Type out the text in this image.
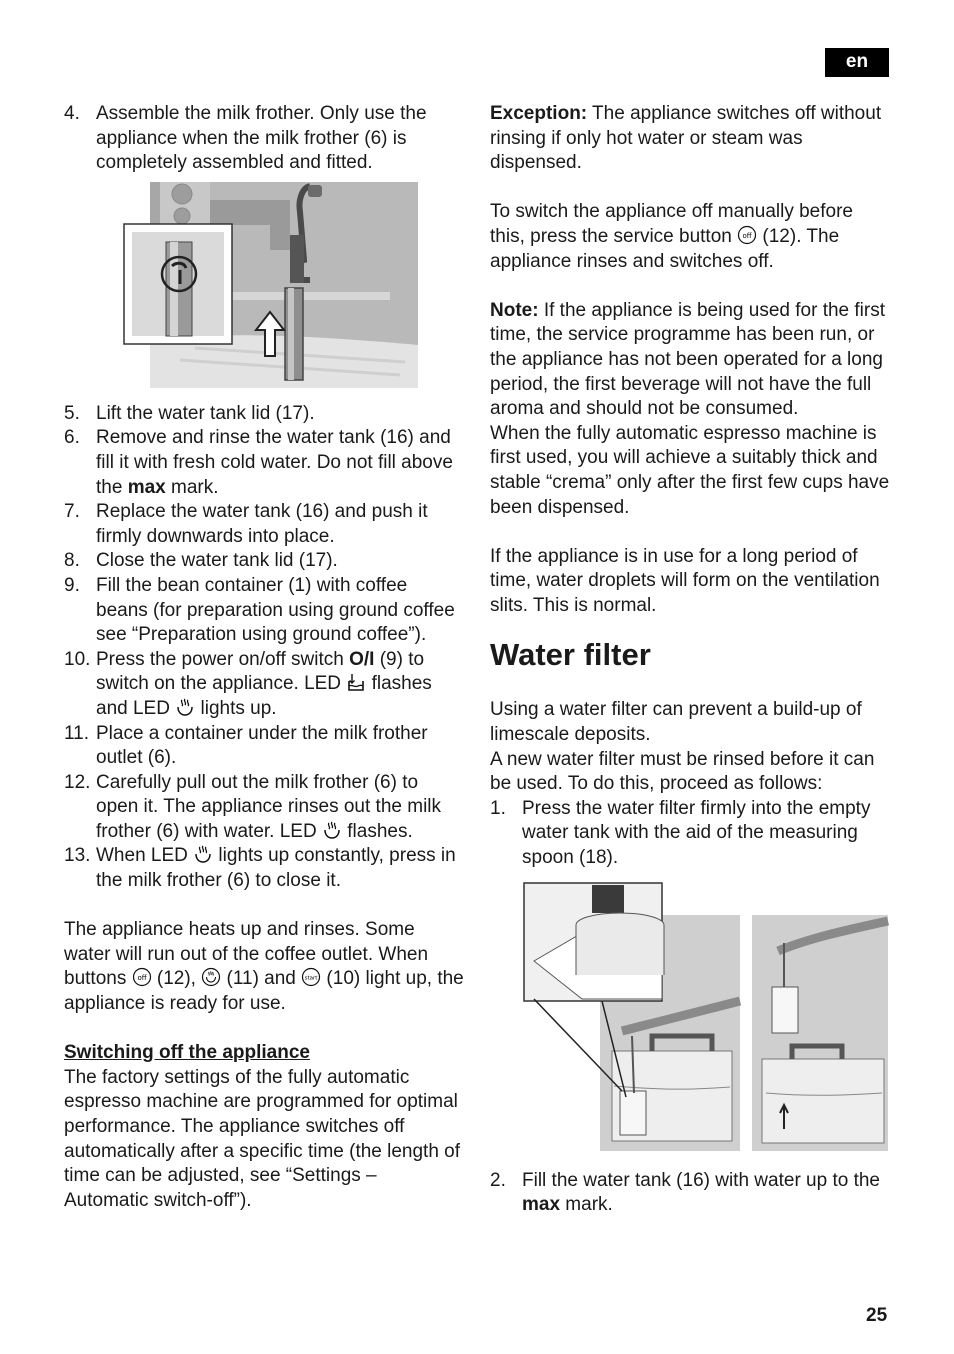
en
4. Assemble the milk frother. Only use the appliance when the milk frother (6) is completely assembled and fitted.
5. Lift the water tank lid (17).
6. Remove and rinse the water tank (16) and fill it with fresh cold water. Do not fill above the max mark.
7. Replace the water tank (16) and push it firmly downwards into place.
8. Close the water tank lid (17).
9. Fill the bean container (1) with coffee beans (for preparation using ground coffee see “Preparation using ground coffee”).
10. Press the power on/off switch O/I (9) to switch on the appliance. LED  flashes and LED  lights up.
11. Place a container under the milk frother outlet (6).
12. Carefully pull out the milk frother (6) to open it. The appliance rinses out the milk frother (6) with water. LED  flashes.
13. When LED  lights up constantly, press in the milk frother (6) to close it.

The appliance heats up and rinses. Some water will run out of the coffee outlet. When buttons off (12),  (11) and start (10) light up, the appliance is ready for use.

Switching off the appliance

The factory settings of the fully automatic espresso machine are programmed for optimal performance. The appliance switches off automatically after a specific time (the length of time can be adjusted, see “Settings – Automatic switch-off”).

Exception: The appliance switches off without rinsing if only hot water or steam was dispensed.

To switch the appliance off manually before this, press the service button off (12). The appliance rinses and switches off.

Note: If the appliance is being used for the first time, the service programme has been run, or the appliance has not been operated for a long period, the first beverage will not have the full aroma and should not be consumed.

When the fully automatic espresso machine is first used, you will achieve a suitably thick and stable “crema” only after the first few cups have been dispensed.

If the appliance is in use for a long period of time, water droplets will form on the ventilation slits. This is normal.

Water filter

Using a water filter can prevent a build-up of limescale deposits.

A new water filter must be rinsed before it can be used. To do this, proceed as follows:

1. Press the water filter firmly into the empty water tank with the aid of the measuring spoon (18).
2. Fill the water tank (16) with water up to the max mark.
25
